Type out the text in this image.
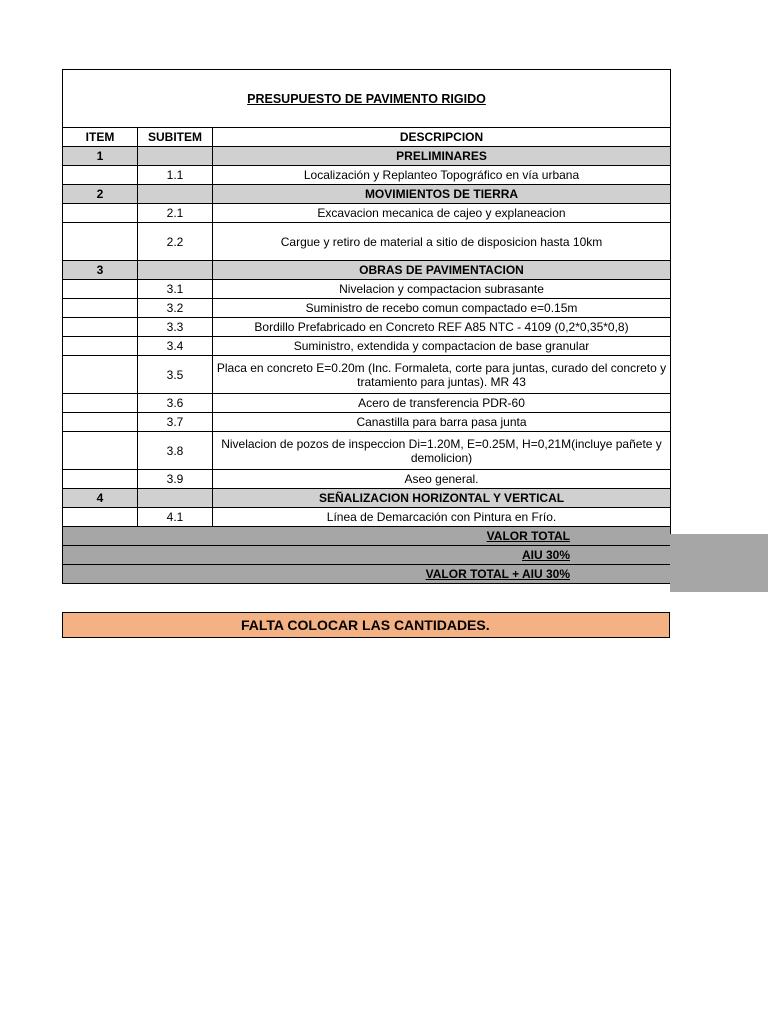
PRESUPUESTO DE PAVIMENTO RIGIDO		
ITEM	SUBITEM	DESCRIPCION
1		PRELIMINARES
	1.1	Localización y Replanteo Topográfico en vía urbana
2		MOVIMIENTOS DE TIERRA
	2.1	Excavacion mecanica de cajeo y explaneacion
	2.2	Cargue y retiro de material a sitio de disposicion hasta 10km
3		OBRAS DE PAVIMENTACION
	3.1	Nivelacion y compactacion subrasante
	3.2	Suministro de recebo comun compactado e=0.15m
	3.3	Bordillo Prefabricado en Concreto REF A85 NTC - 4109 (0,2*0,35*0,8)
	3.4	Suministro, extendida y compactacion de base granular
	3.5	Placa en concreto E=0.20m (Inc. Formaleta, corte para juntas, curado del concreto y tratamiento para juntas). MR 43
	3.6	Acero de transferencia PDR-60
	3.7	Canastilla para barra pasa junta
	3.8	Nivelacion de pozos de inspeccion Di=1.20M, E=0.25M, H=0,21M(incluye pañete y demolicion)
	3.9	Aseo general.
4		SEÑALIZACION HORIZONTAL Y VERTICAL
	4.1	Línea de Demarcación con Pintura en Frío.
VALOR TOTAL		
AIU 30%		
VALOR TOTAL + AIU 30%		
FALTA COLOCAR LAS CANTIDADES.
